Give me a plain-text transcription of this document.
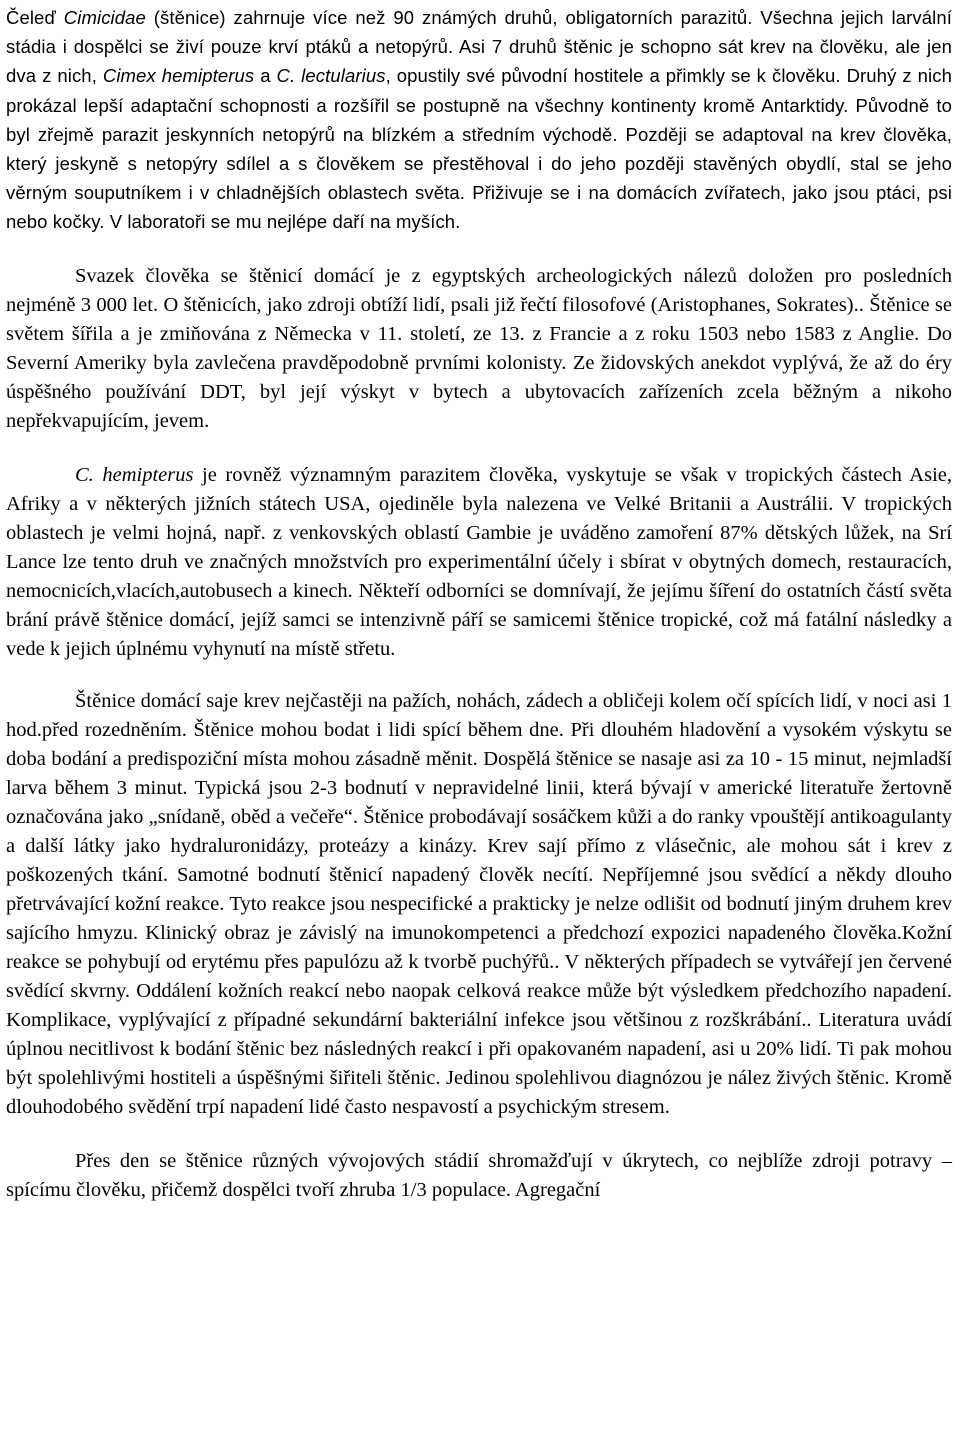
Čeleď Cimicidae (štěnice) zahrnuje více než 90 známých druhů, obligatorních parazitů. Všechna jejich larvální stádia i dospělci se živí pouze krví ptáků a netopýrů. Asi 7 druhů štěnic je schopno sát krev na člověku, ale jen dva z nich, Cimex hemipterus a C. lectularius, opustily své původní hostitele a přimkly se k člověku. Druhý z nich prokázal lepší adaptační schopnosti a rozšířil se postupně na všechny kontinenty kromě Antarktidy. Původně to byl zřejmě parazit jeskynních netopýrů na blízkém a středním východě. Později se adaptoval na krev člověka, který jeskyně s netopýry sdílel a s člověkem se přestěhoval i do jeho později stavěných obydlí, stal se jeho věrným souputníkem i v chladnějších oblastech světa. Přiživuje se i na domácích zvířatech, jako jsou ptáci, psi nebo kočky. V laboratoři se mu nejlépe daří na myších.

Svazek člověka se štěnicí domácí je z egyptských archeologických nálezů doložen pro posledních nejméně 3 000 let. O štěnicích, jako zdroji obtíží lidí, psali již řečtí filosofové (Aristophanes, Sokrates).. Štěnice se světem šířila a je zmiňována z Německa v 11. století, ze 13. z Francie a z roku 1503 nebo 1583 z Anglie. Do Severní Ameriky byla zavlečena pravděpodobně prvními kolonisty. Ze židovských anekdot vyplývá, že až do éry úspěšného používání DDT, byl její výskyt v bytech a ubytovacích zařízeních zcela běžným a nikoho nepřekvapujícím, jevem.

C. hemipterus je rovněž významným parazitem člověka, vyskytuje se však v tropických částech Asie, Afriky a v některých jižních státech USA, ojediněle byla nalezena ve Velké Britanii a Austrálii. V tropických oblastech je velmi hojná, např. z venkovských oblastí Gambie je uváděno zamoření 87% dětských lůžek, na Srí Lance lze tento druh ve značných množstvích pro experimentální účely i sbírat v obytných domech, restauracích, nemocnicích,vlacích,autobusech a kinech. Někteří odborníci se domnívají, že jejímu šíření do ostatních částí světa brání právě štěnice domácí, jejíž samci se intenzivně páří se samicemi štěnice tropické, což má fatální následky a vede k jejich úplnému vyhynutí na místě střetu.

Štěnice domácí saje krev nejčastěji na pažích, nohách, zádech a obličeji kolem očí spících lidí, v noci asi 1 hod.před rozedněním. Štěnice mohou bodat i lidi spící během dne. Při dlouhém hladovění a vysokém výskytu se doba bodání a predispoziční místa mohou zásadně měnit. Dospělá štěnice se nasaje asi za 10 - 15 minut, nejmladší larva během 3 minut. Typická jsou 2-3 bodnutí v nepravidelné linii, která bývají v americké literatuře žertovně označována jako „snídaně, oběd a večeře“. Štěnice probodávají sosáčkem kůži a do ranky vpouštějí antikoagulanty a další látky jako hydraluronidázy, proteázy a kinázy. Krev sají přímo z vlásečnic, ale mohou sát i krev z poškozených tkání. Samotné bodnutí štěnicí napadený člověk necítí. Nepříjemné jsou svědící a někdy dlouho přetrvávající kožní reakce. Tyto reakce jsou nespecifické a prakticky je nelze odlišit od bodnutí jiným druhem krev sajícího hmyzu. Klinický obraz je závislý na imunokompetenci a předchozí expozici napadeného člověka.Kožní reakce se pohybují od erytému přes papulózu až k tvorbě puchýřů.. V některých případech se vytvářejí jen červené svědící skvrny. Oddálení kožních reakcí nebo naopak celková reakce může být výsledkem předchozího napadení. Komplikace, vyplývající z případné sekundární bakteriální infekce jsou většinou z rozškrábání.. Literatura uvádí úplnou necitlivost k bodání štěnic bez následných reakcí i při opakovaném napadení, asi u 20% lidí. Ti pak mohou být spolehlivými hostiteli a úspěšnými šiřiteli štěnic. Jedinou spolehlivou diagnózou je nález živých štěnic. Kromě dlouhodobého svědění trpí napadení lidé často nespavostí a psychickým stresem.

Přes den se štěnice různých vývojových stádií shromažďují v úkrytech, co nejblíže zdroji potravy – spícímu člověku, přičemž dospělci tvoří zhruba 1/3 populace. Agregační
